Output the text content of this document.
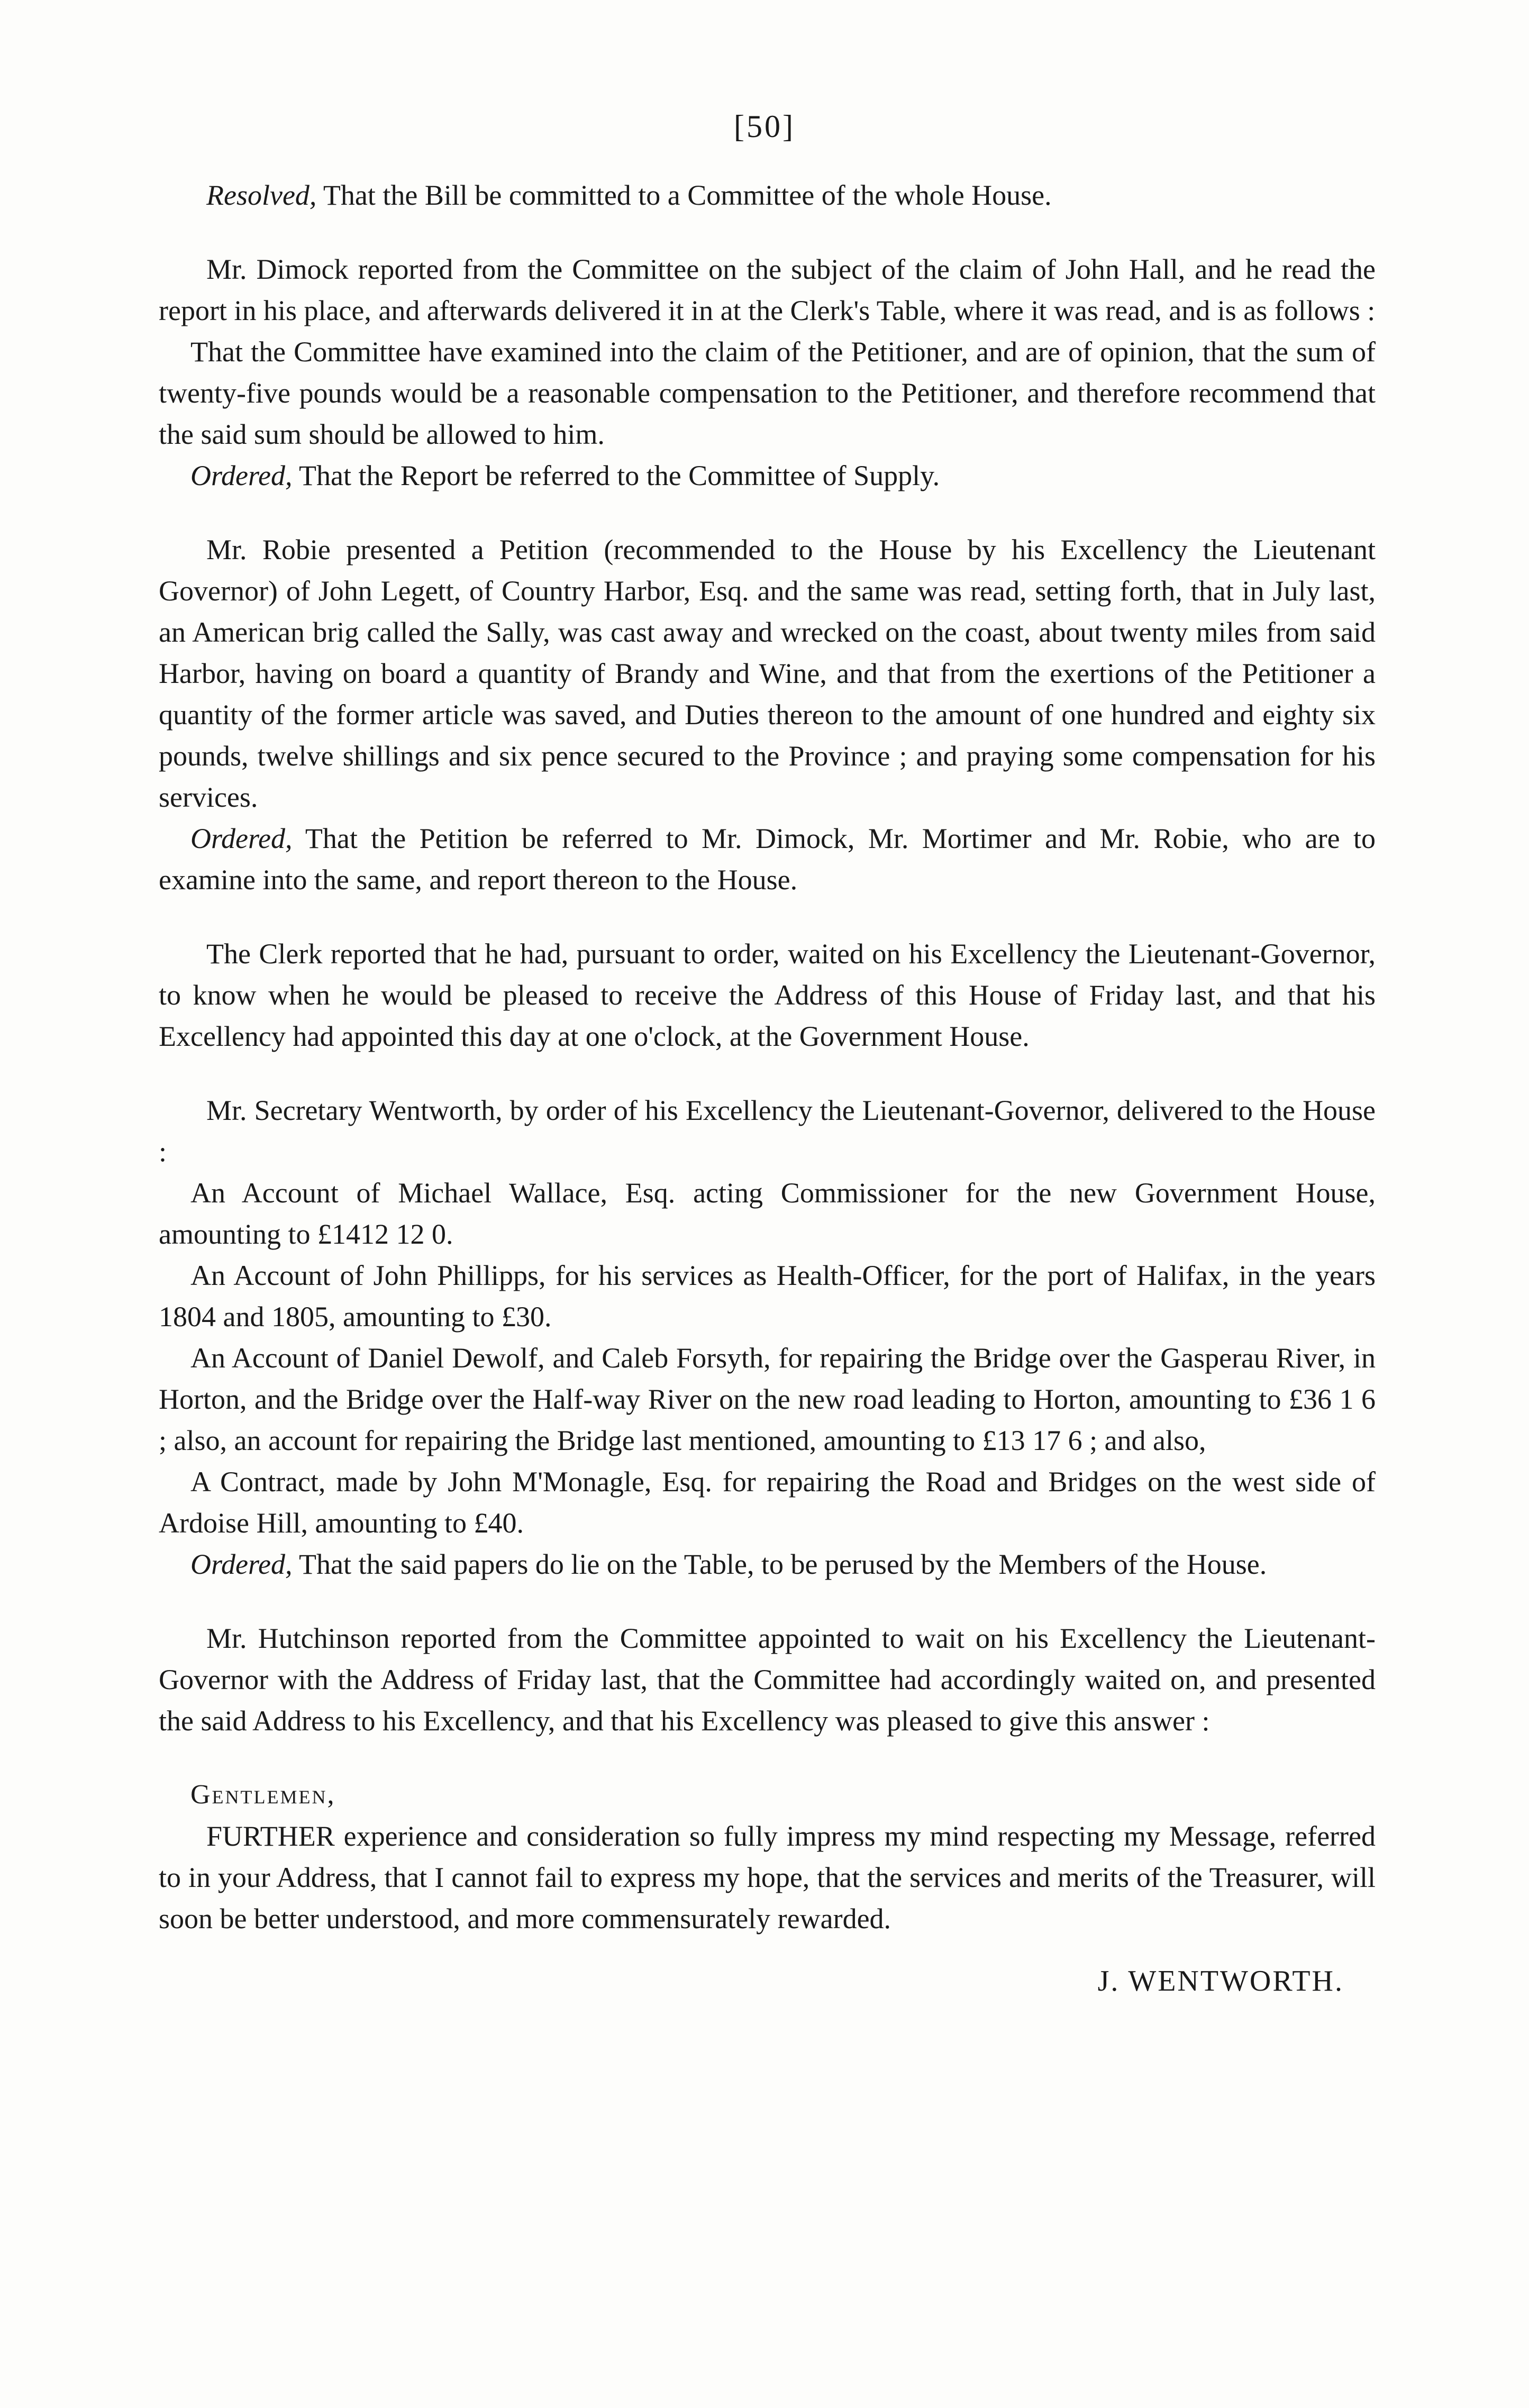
[50]

Resolved, That the Bill be committed to a Committee of the whole House.

Mr. Dimock reported from the Committee on the subject of the claim of John Hall, and he read the report in his place, and afterwards delivered it in at the Clerk's Table, where it was read, and is as follows :

That the Committee have examined into the claim of the Petitioner, and are of opinion, that the sum of twenty-five pounds would be a reasonable compensation to the Petitioner, and therefore recommend that the said sum should be allowed to him.

Ordered, That the Report be referred to the Committee of Supply.

Mr. Robie presented a Petition (recommended to the House by his Excellency the Lieutenant Governor) of John Legett, of Country Harbor, Esq. and the same was read, setting forth, that in July last, an American brig called the Sally, was cast away and wrecked on the coast, about twenty miles from said Harbor, having on board a quantity of Brandy and Wine, and that from the exertions of the Petitioner a quantity of the former article was saved, and Duties thereon to the amount of one hundred and eighty six pounds, twelve shillings and six pence secured to the Province ; and praying some compensation for his services.

Ordered, That the Petition be referred to Mr. Dimock, Mr. Mortimer and Mr. Robie, who are to examine into the same, and report thereon to the House.

The Clerk reported that he had, pursuant to order, waited on his Excellency the Lieutenant-Governor, to know when he would be pleased to receive the Address of this House of Friday last, and that his Excellency had appointed this day at one o'clock, at the Government House.

Mr. Secretary Wentworth, by order of his Excellency the Lieutenant-Governor, delivered to the House :

An Account of Michael Wallace, Esq. acting Commissioner for the new Government House, amounting to £1412 12 0.

An Account of John Phillipps, for his services as Health-Officer, for the port of Halifax, in the years 1804 and 1805, amounting to £30.

An Account of Daniel Dewolf, and Caleb Forsyth, for repairing the Bridge over the Gasperau River, in Horton, and the Bridge over the Half-way River on the new road leading to Horton, amounting to £36 1 6 ; also, an account for repairing the Bridge last mentioned, amounting to £13 17 6 ; and also,

A Contract, made by John M'Monagle, Esq. for repairing the Road and Bridges on the west side of Ardoise Hill, amounting to £40.

Ordered, That the said papers do lie on the Table, to be perused by the Members of the House.

Mr. Hutchinson reported from the Committee appointed to wait on his Excellency the Lieutenant-Governor with the Address of Friday last, that the Committee had accordingly waited on, and presented the said Address to his Excellency, and that his Excellency was pleased to give this answer :

Gentlemen,

FURTHER experience and consideration so fully impress my mind respecting my Message, referred to in your Address, that I cannot fail to express my hope, that the services and merits of the Treasurer, will soon be better understood, and more commensurately rewarded.

J. WENTWORTH.
